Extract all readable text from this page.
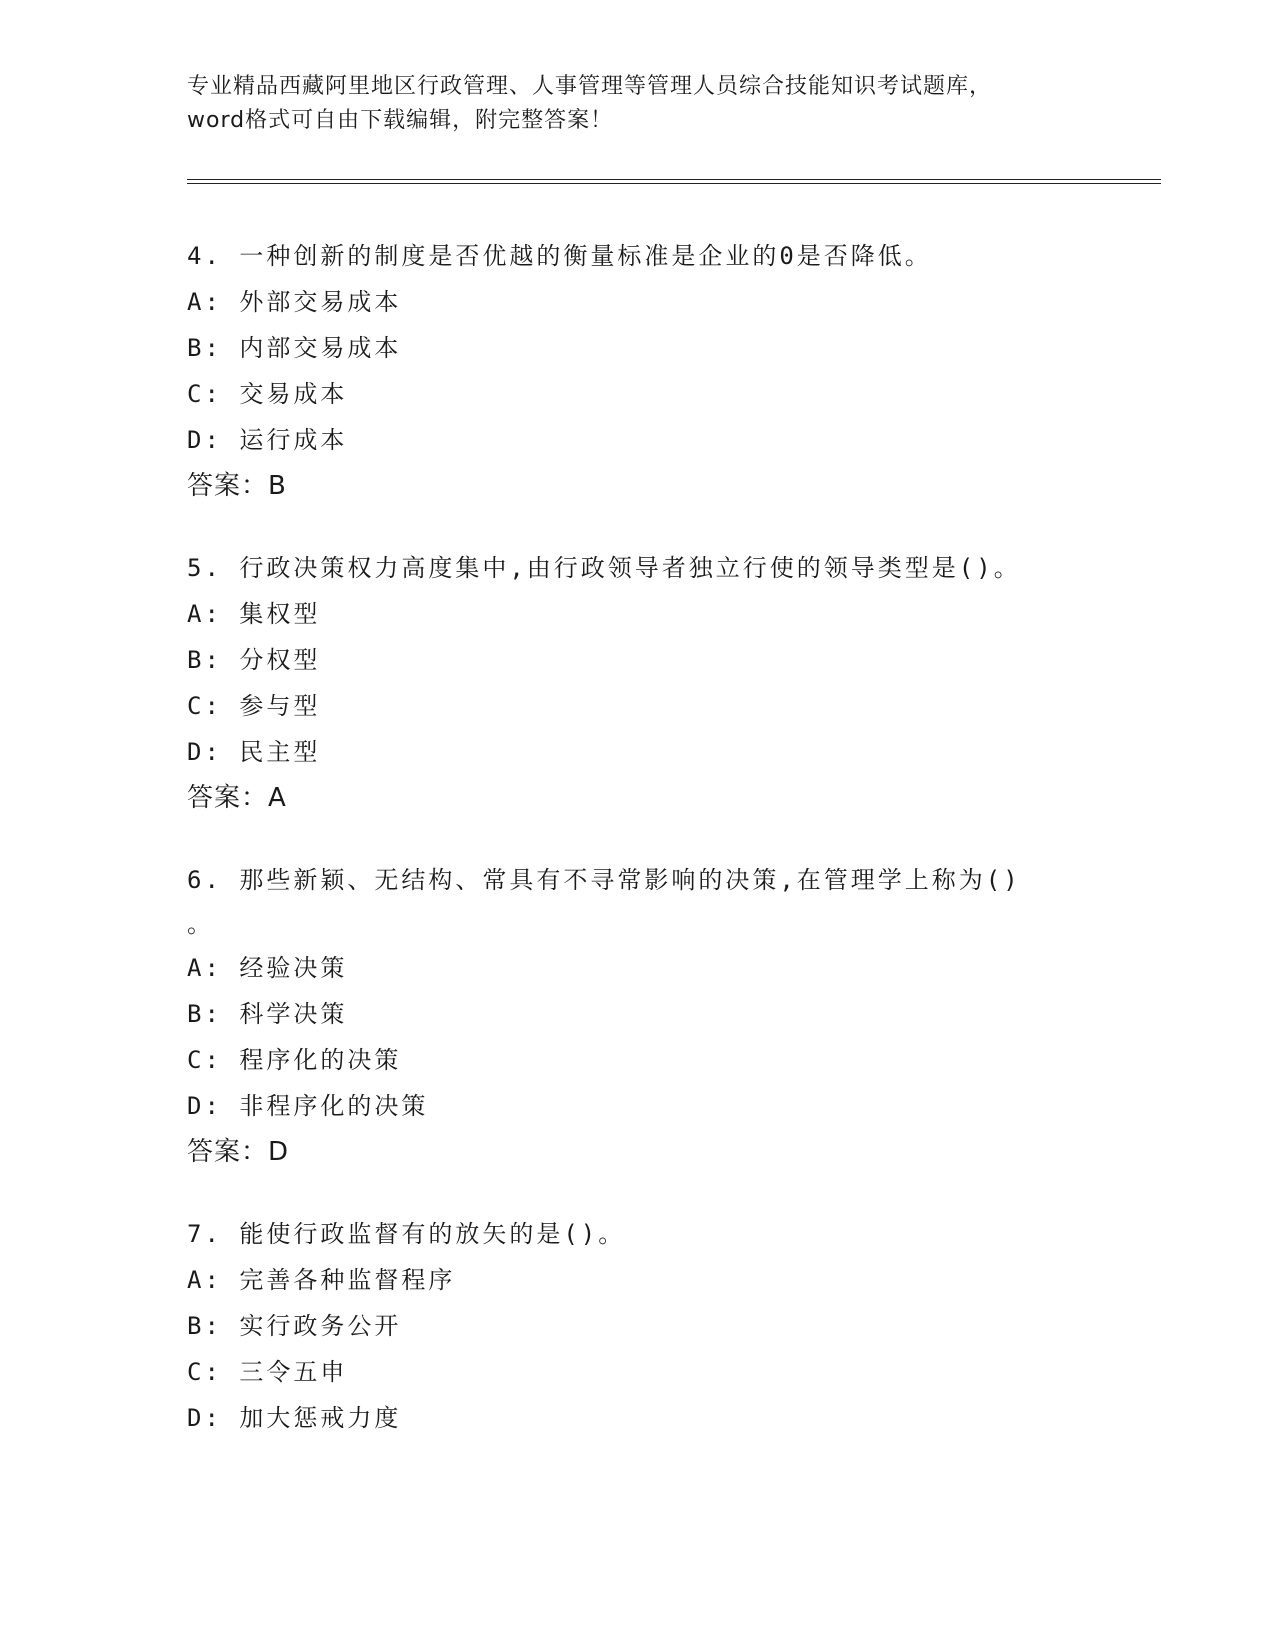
专业精品西藏阿里地区行政管理、人事管理等管理人员综合技能知识考试题库，
word格式可自由下载编辑，附完整答案！
4. 一种创新的制度是否优越的衡量标准是企业的0是否降低。
A: 外部交易成本
B: 内部交易成本
C: 交易成本
D: 运行成本
答案：B
5. 行政决策权力高度集中,由行政领导者独立行使的领导类型是()。
A: 集权型
B: 分权型
C: 参与型
D: 民主型
答案：A
6. 那些新颖、无结构、常具有不寻常影响的决策,在管理学上称为()
。
A: 经验决策
B: 科学决策
C: 程序化的决策
D: 非程序化的决策
答案：D
7. 能使行政监督有的放矢的是()。
A: 完善各种监督程序
B: 实行政务公开
C: 三令五申
D: 加大惩戒力度
